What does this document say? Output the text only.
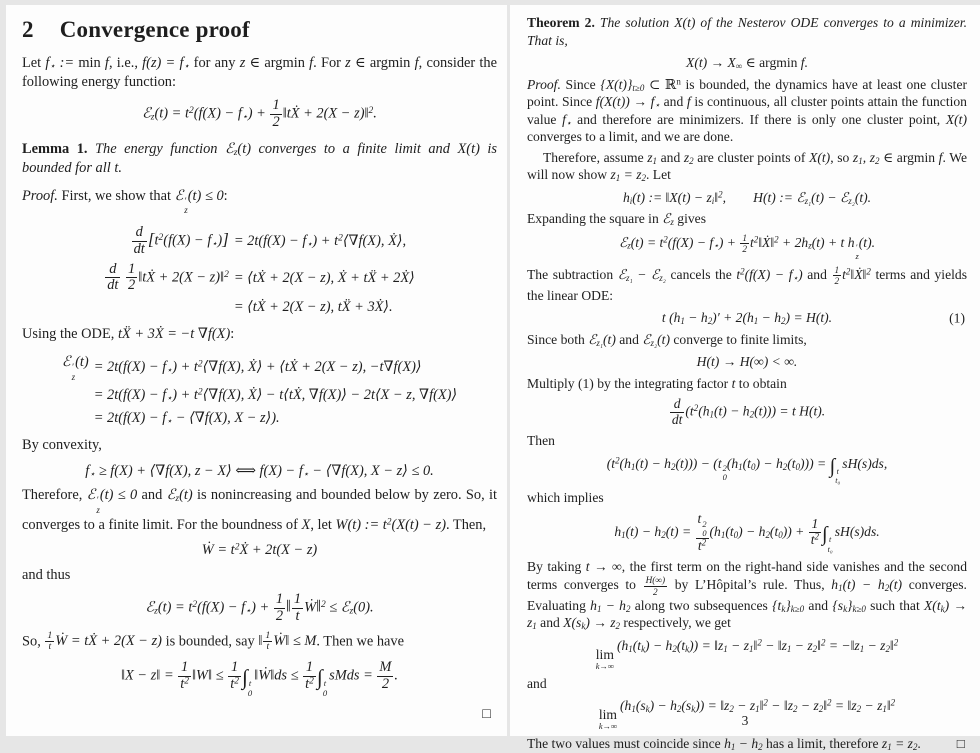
2 Convergence proof

Let $f_⋆$ := min f, i.e., $f(z) = f_⋆$ for any z ∈ argmin f. For z ∈ argmin f, consider the following energy function:

ℰ$_z$(t) = $t^2(f(X) - f_⋆) + \frac{1}{2}$ ‖tẊ + 2(X − z)‖$^2$.

Lemma 1. The energy function ℰ$_z$(t) converges to a finite limit and X(t) is bounded for all t.

Proof. First, we show that ℰ ′
z
(t) ≤ 0:

$\frac{d}{dt} [t^2(f(X) - f_⋆)]$	= $2t(f(X) - f_⋆)$ + $t^2⟨\nabla f(X)$, Ẋ⟩,

$\frac{d}{dt}$
$\frac{1}{2}$ ‖tẊ + 2(X − z)‖$^2$	= ⟨tẊ + 2(X − z), Ẋ + tẌ + 2Ẋ⟩
	= ⟨tẊ + 2(X − z), tẌ + 3Ẋ⟩.

Using the ODE, tẌ + 3Ẋ = −t ∇f(X):

ℰ ′
z
(t)	= $2t(f(X) - f_⋆)$ + $t^2⟨\nabla f(X)$, Ẋ⟩ + ⟨tẊ + 2(X − z), −t∇f(X)⟩
	= $2t(f(X) - f_⋆)$ + $t^2⟨\nabla f(X)$, Ẋ⟩ − t⟨tẊ, ∇f(X)⟩ − 2t⟨X − z, ∇f(X)⟩
	= $2t(f(X) - f_⋆$ − ⟨∇f(X), X − z⟩).

By convexity,

$f_⋆ \ge f(X)$ + ⟨∇f(X), z − X⟩ ⟺ $f(X) - f_⋆$ − ⟨∇f(X), X − z⟩ ≤ 0.

Therefore, ℰ ′
z
(t) ≤ 0 and ℰ$_z$(t) is nonincreasing and bounded below by zero. So, it converges to a finite limit. For the boundness of X, let W(t) := $t^2(X(t) - z)$. Then,

Ẇ = $t^2Ẋ + 2t(X - z)$

and thus

ℰ$_z$(t) = $t^2(f(X) - f_⋆) + \frac{1}{2}$ ‖ $\frac{1}{t}$ Ẇ‖$^2$ ≤ ℰ$_z$(0).

So, $\frac{1}{t}$ Ẇ = tẊ + 2(X − z) is bounded, say ‖ $\frac{1}{t}$ Ẇ‖ ≤ M. Then we have

‖X − z‖ = $\frac{1}{t^2}$ ‖W‖ ≤ $\frac{1}{t^2}$ ∫ t
0
‖Ẇ‖ds ≤ $\frac{1}{t^2}$ ∫ t
0
sMds = $\frac{M}{2}$ .
□

Theorem 2. The solution X(t) of the Nesterov ODE converges to a minimizer. That is,

$X(t) \to X_\infty$ ∈ argmin f.

Proof. Since $\{X(t)\}_{t\ge 0}$ ⊂ ℝ$^n$ is bounded, the dynamics have at least one cluster point. Since $f(X(t)) \to f_⋆$ and f is continuous, all cluster points attain the function value $f_⋆$ and therefore are minimizers. If there is only one cluster point, X(t) converges to a limit, and we are done.

Therefore, assume $z_1$ and $z_2$ are cluster points of X(t), so $z_1$, $z_2$ ∈ argmin f. We will now show $z_1 = z_2$. Let

$h_i(t)$ := ‖X(t) − $z_i‖^2$,  H(t) := ℰ$_{z_1}$(t) − ℰ$_{z_2}$(t).

Expanding the square in ℰ$_z$ gives

ℰ$_z$(t) = $t^2(f(X) - f_⋆) + \frac{1}{2}$ $t^2‖Ẋ‖^2 + 2h_z(t) + t$ h ′
z
(t).

The subtraction ℰ$_{z_1}$ − ℰ$_{z_2}$ cancels the $t^2(f(X) - f_⋆)$ and $\frac{1}{2}$ $t^2‖Ẋ‖^2$ terms and yields the linear ODE:

t $(h_1 - h_2)' + 2(h_1 - h_2) = H(t)$.	(1)

Since both ℰ$_{z_1}$(t) and ℰ$_{z_2}$(t) converge to finite limits,

H(t) → H(∞) < ∞.

Multiply (1) by the integrating factor t to obtain

$\frac{d}{dt} (t^2(h_1(t) - h_2(t))) = t$ H(t).

Then

$(t^2(h_1(t) - h_2(t))) - (t$ 2
0
$(h_1(t_0) - h_2(t_0))$) = ∫ t
t₀
sH(s)ds,

which implies

$h_1(t) - h_2(t) = t$ 2
0
$t^2$ $(h_1(t_0) - h_2(t_0)) + \frac{1}{t^2}$ ∫ t
t₀
sH(s)ds.

By taking t → ∞, the first term on the right-hand side vanishes and the second terms converges to $\frac{H(\infty)}{2}$ by L’Hôpital’s rule. Thus, $h_1(t) - h_2(t)$ converges. Evaluating $h_1 - h_2$ along two subsequences $\{t_k\}_{k\ge 0}$ and $\{s_k\}_{k\ge 0}$ such that $X(t_k) \to z_1$ and $X(s_k) \to z_2$ respectively, we get

lim
k→∞
$(h_1(t_k) - h_2(t_k))$ = $‖z_1$ − $z_1‖^2$ − $‖z_1$ − $z_2‖^2$ = $-‖z_1$ − $z_2‖^2$

and

lim
k→∞
$(h_1(s_k) - h_2(s_k))$ = $‖z_2$ − $z_1‖^2$ − $‖z_2$ − $z_2‖^2$ = $‖z_2$ − $z_1‖^2$

□
The two values must coincide since $h_1 - h_2$ has a limit, therefore $z_1 = z_2$.

3
